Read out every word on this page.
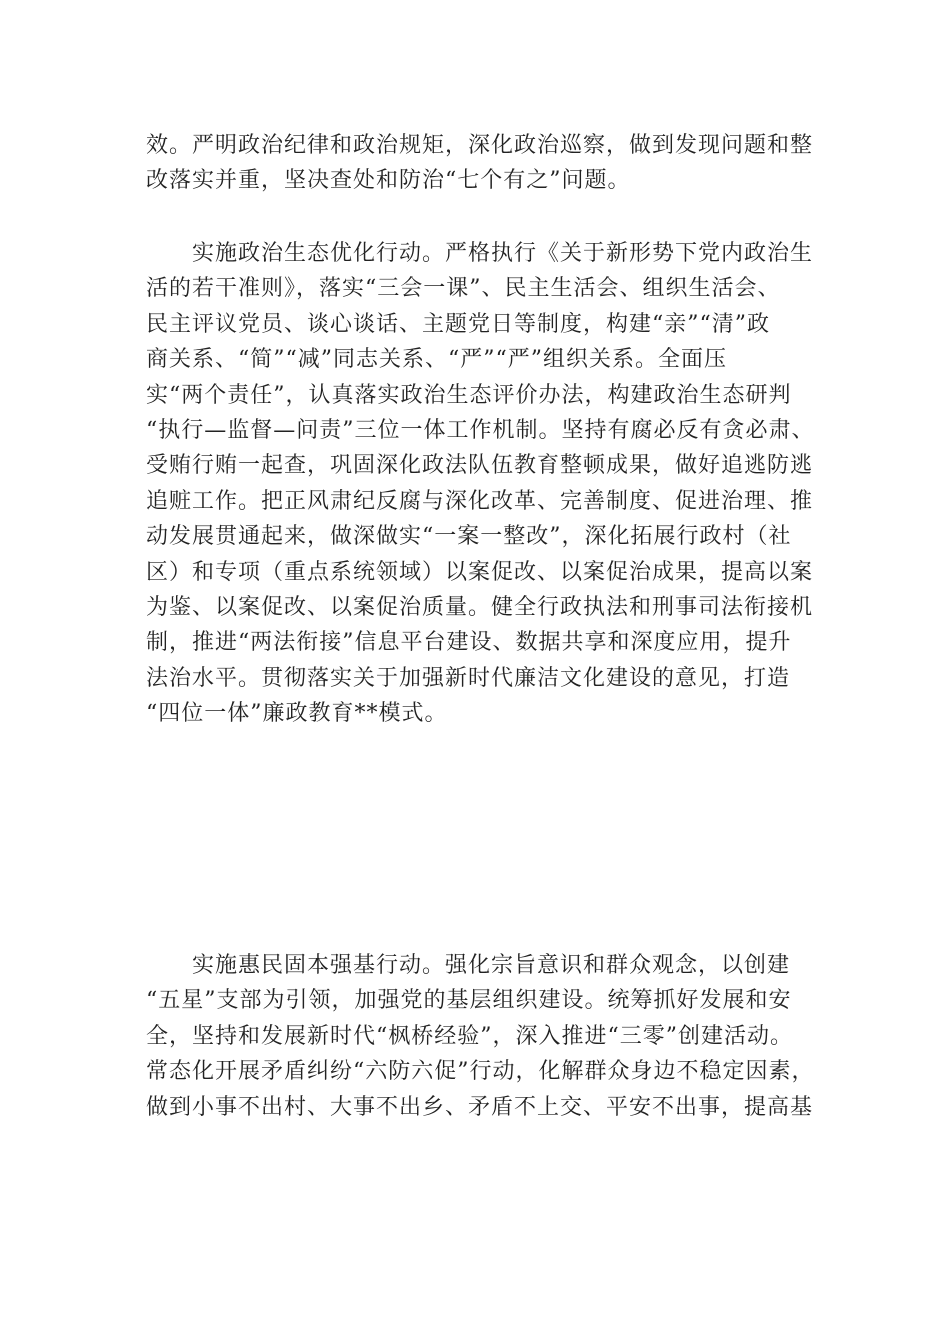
效。严明政治纪律和政治规矩，深化政治巡察，做到发现问题和整
改落实并重，坚决查处和防治“七个有之”问题。

实施政治生态优化行动。严格执行《关于新形势下党内政治生
活的若干准则》，落实“三会一课”、民主生活会、组织生活会、
民主评议党员、谈心谈话、主题党日等制度，构建“亲”“清”政
商关系、“简”“减”同志关系、“严”“严”组织关系。全面压
实“两个责任”，认真落实政治生态评价办法，构建政治生态研判
“执行—监督—问责”三位一体工作机制。坚持有腐必反有贪必肃、
受贿行贿一起查，巩固深化政法队伍教育整顿成果，做好追逃防逃
追赃工作。把正风肃纪反腐与深化改革、完善制度、促进治理、推
动发展贯通起来，做深做实“一案一整改”，深化拓展行政村（社
区）和专项（重点系统领域）以案促改、以案促治成果，提高以案
为鉴、以案促改、以案促治质量。健全行政执法和刑事司法衔接机
制，推进“两法衔接”信息平台建设、数据共享和深度应用，提升
法治水平。贯彻落实关于加强新时代廉洁文化建设的意见，打造
“四位一体”廉政教育**模式。

实施惠民固本强基行动。强化宗旨意识和群众观念，以创建
“五星”支部为引领，加强党的基层组织建设。统筹抓好发展和安
全，坚持和发展新时代“枫桥经验”，深入推进“三零”创建活动。
常态化开展矛盾纠纷“六防六促”行动，化解群众身边不稳定因素，
做到小事不出村、大事不出乡、矛盾不上交、平安不出事，提高基
